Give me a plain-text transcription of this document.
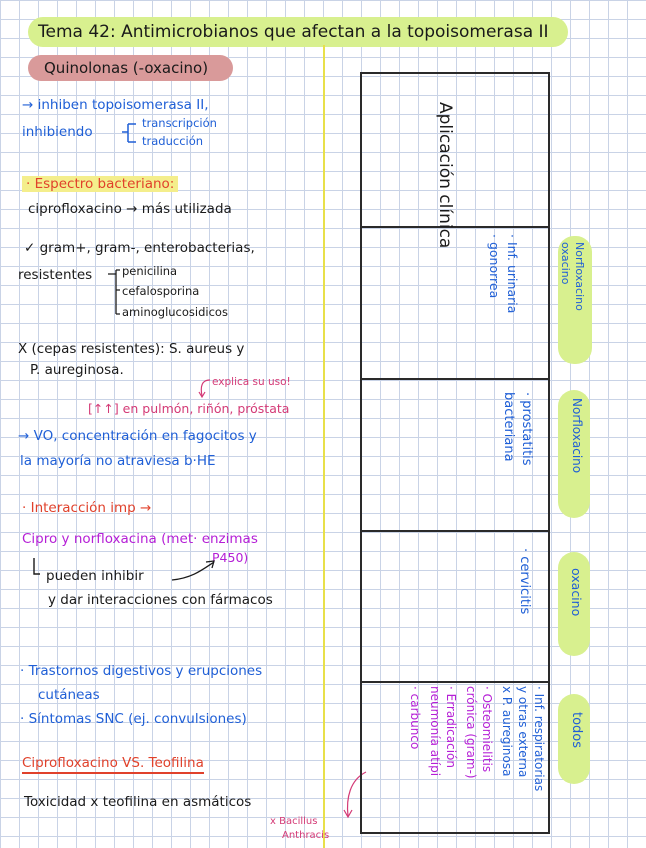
Tema 42: Antimicrobianos que afectan a la topoisomerasa II
Quinolonas (-oxacino)
→ inhiben topoisomerasa II,
inhibiendo
transcripción
traducción
· Espectro bacteriano:
ciprofloxacino → más utilizada
✓ gram+, gram-, enterobacterias,
resistentes	penicilina
cefalosporina
aminoglucosidicos
X (cepas resistentes): S. aureus y
P. aureginosa.
explica su uso!
[↑↑] en pulmón, riñón, próstata
→ VO, concentración en fagocitos y
la mayoría no atraviesa b·HE
· Interacción imp →
Cipro y norfloxacina (met· enzimas
P450)
pueden inhibir
y dar interacciones con fármacos
· Trastornos digestivos y erupciones
cutáneas
· Síntomas SNC (ej. convulsiones)
Ciprofloxacino VS. Teofilina
Toxicidad x teofilina en asmáticos
x Bacillus
Anthracis
Aplicación clínica
Norfloxacino oxacino
· Inf. urinaria
· gonorrea
Norfloxacino
· prostatitis
bacteriana
oxacino
· cervicitis
todos
· Inf. respiratorias
y otras externa
x P. aureginosa
· Osteomielitis
crónica (gram-)
· Erradicación
neumonía atípi
· carbunco
